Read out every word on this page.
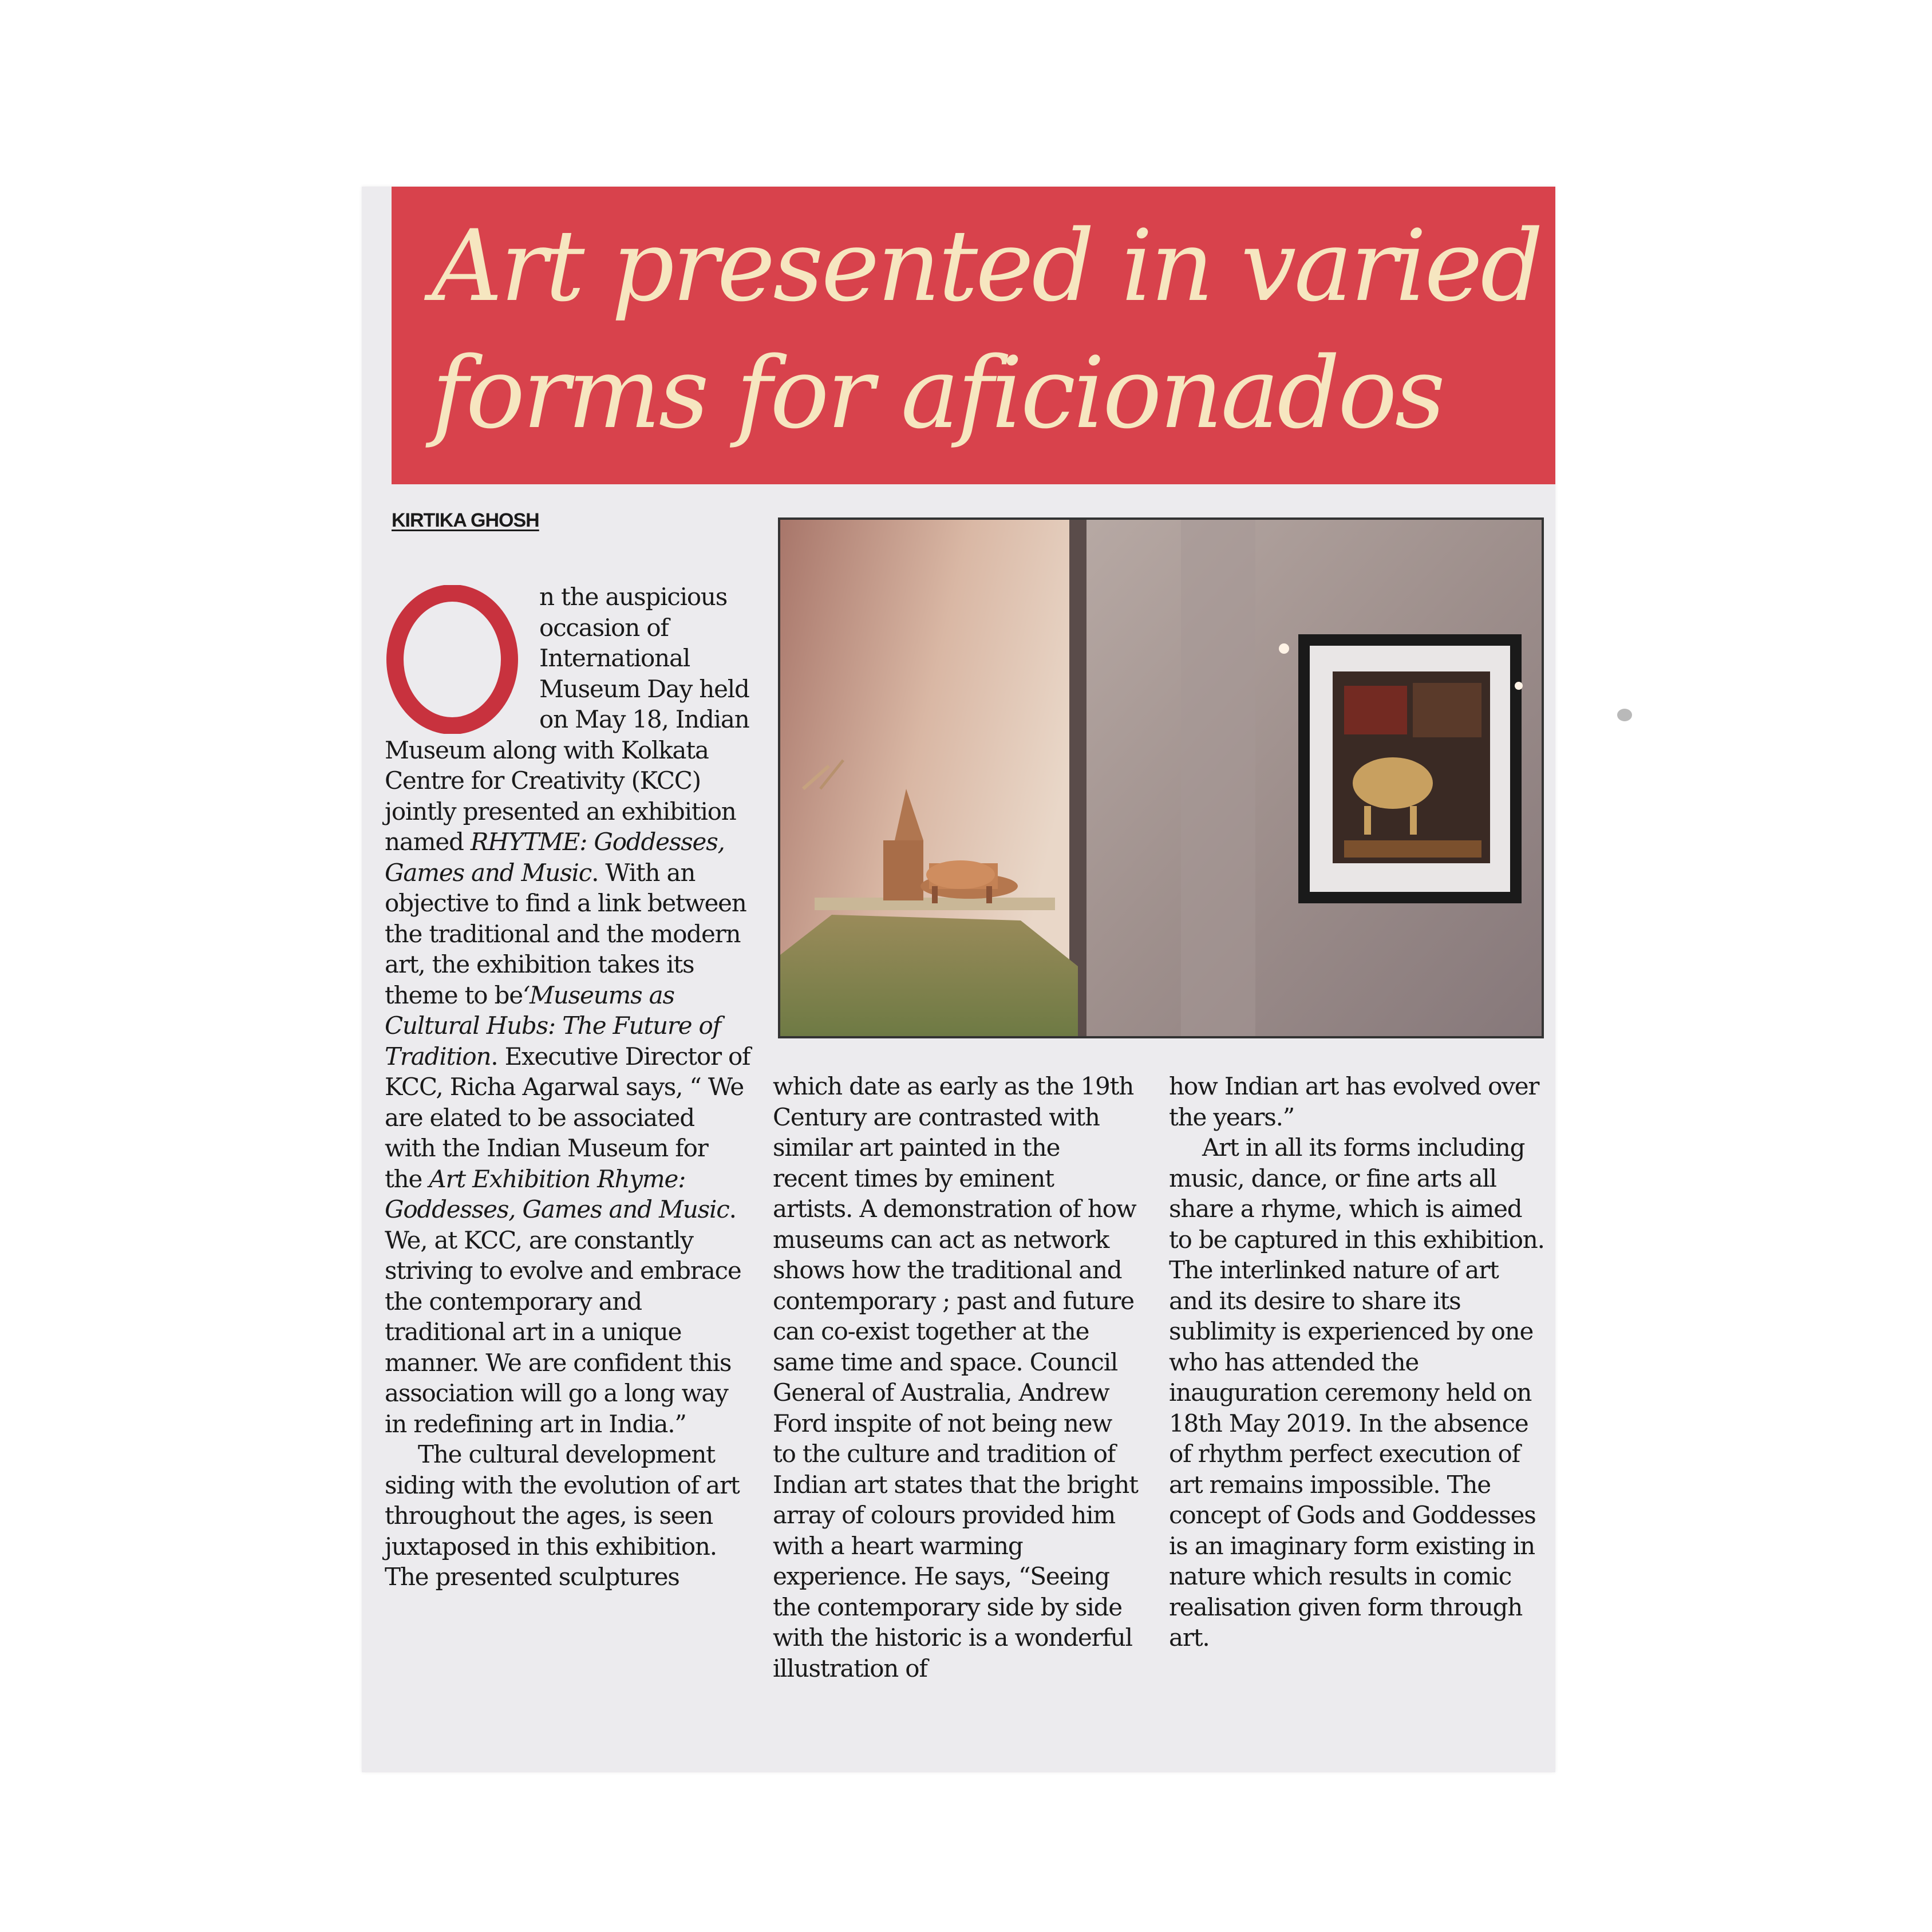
Art presented in varied
forms for aficionados

KIRTIKA GHOSH

n the auspicious occasion of International Museum Day held on May 18, Indian Museum along with Kolkata Centre for Creativity (KCC) jointly presented an exhibition named RHYTME: Goddesses, Games and Music. With an objective to find a link between the traditional and the modern art, the exhibition takes its theme to be‘Museums as Cultural Hubs: The Future of Tradition. Executive Director of KCC, Richa Agarwal says, “ We are elated to be associated with the Indian Museum for the Art Exhibition Rhyme: Goddesses, Games and Music. We, at KCC, are constantly striving to evolve and embrace the contemporary and traditional art in a unique manner. We are confident this association will go a long way in redefining art in India.”

The cultural development siding with the evolution of art throughout the ages, is seen juxtaposed in this exhibition. The presented sculptures

which date as early as the 19th Century are contrasted with similar art painted in the recent times by eminent artists. A demonstration of how museums can act as network shows how the traditional and contemporary ; past and future can co-exist together at the same time and space. Council General of Australia, Andrew Ford inspite of not being new to the culture and tradition of Indian art states that the bright array of colours provided him with a heart warming experience. He says, “Seeing the contemporary side by side with the historic is a wonderful illustration of

how Indian art has evolved over the years.”

Art in all its forms including music, dance, or fine arts all share a rhyme, which is aimed to be captured in this exhibition. The interlinked nature of art and its desire to share its sublimity is experienced by one who has attended the inauguration ceremony held on 18th May 2019. In the absence of rhythm perfect execution of art remains impossible. The concept of Gods and Goddesses is an imaginary form existing in nature which results in comic realisation given form through art.
